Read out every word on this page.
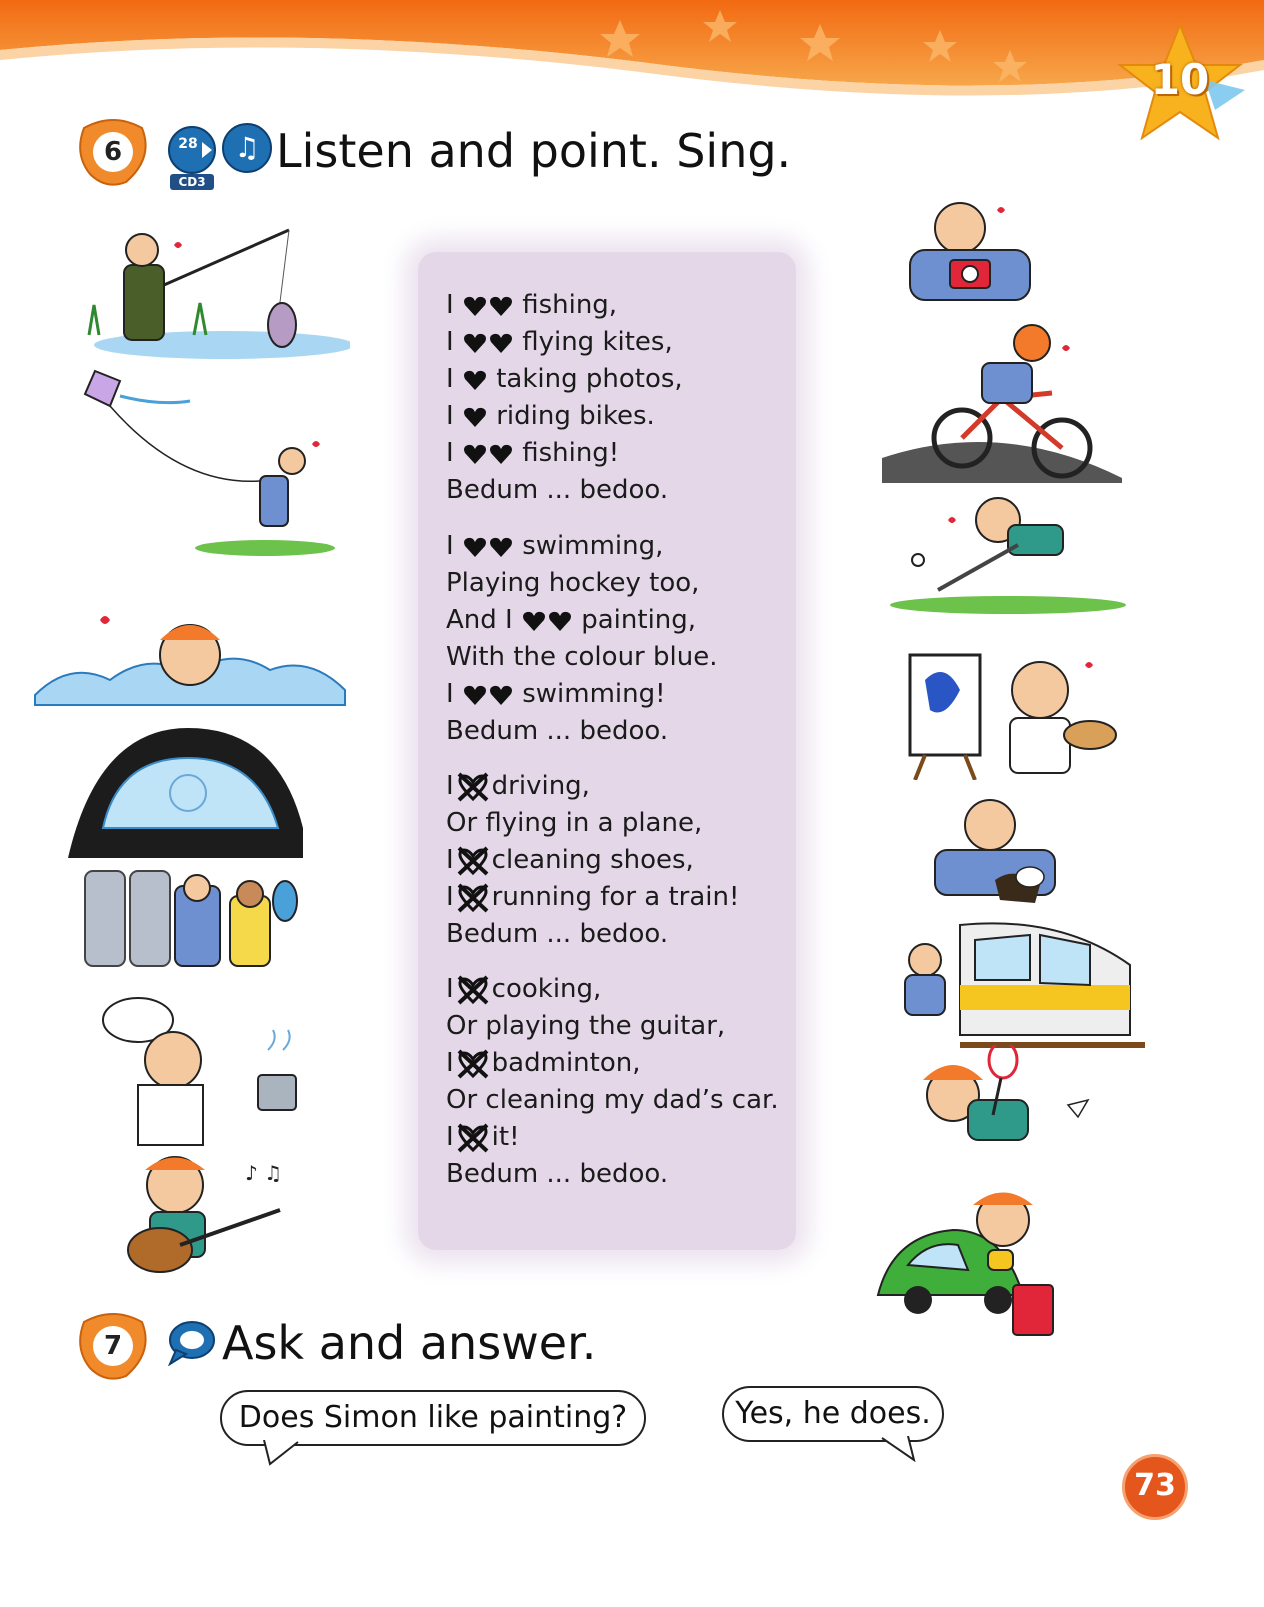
10
6	28
CD3
♫ Listen and point. Sing.
I	fishing,
I	flying kites,
I taking photos,
I riding bikes.
I	fishing!
Bedum ... bedoo.
I	swimming,
Playing hockey too,
And I	painting,
With the colour blue.
I	swimming!
Bedum ... bedoo.
I driving,
Or flying in a plane,
I cleaning shoes,
I running for a train!
Bedum ... bedoo.
I cooking,
Or playing the guitar,
I badminton,
Or cleaning my dad’s car.
I it!
Bedum ... bedoo.
♪ ♫
7	Ask and answer.
Does Simon like painting?	Yes, he does.
73
